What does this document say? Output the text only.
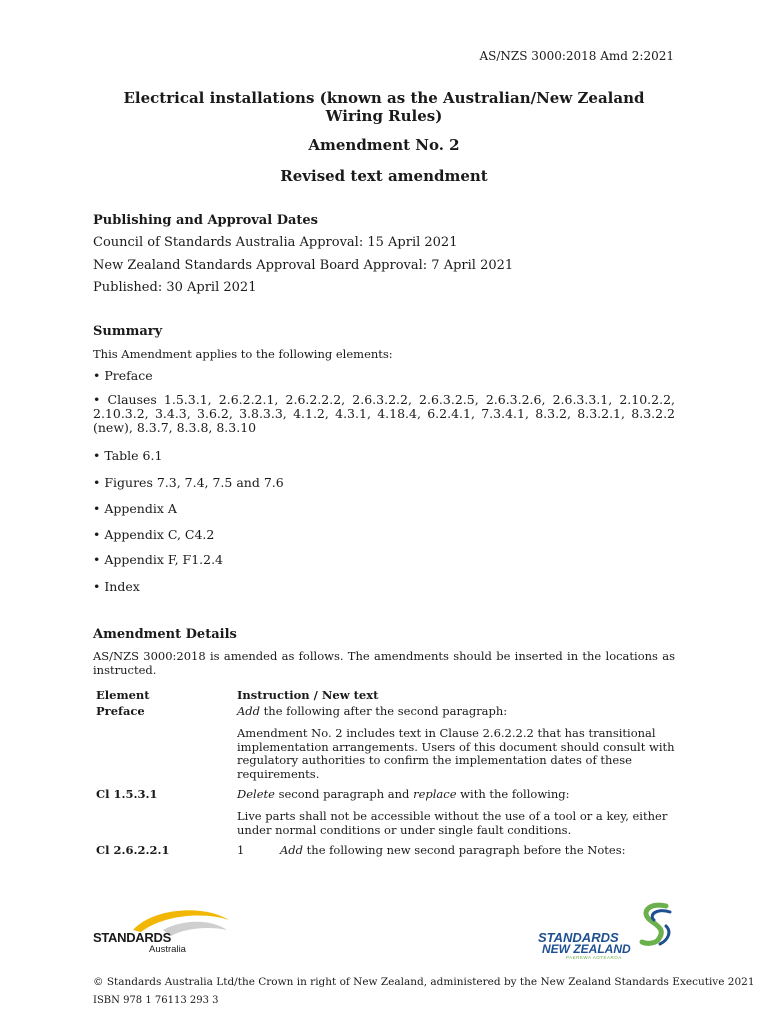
AS/NZS 3000:2018 Amd 2:2021
Electrical installations (known as the Australian/New Zealand
Wiring Rules)
Amendment No. 2
Revised text amendment
Publishing and Approval Dates
Council of Standards Australia Approval: 15 April 2021
New Zealand Standards Approval Board Approval: 7 April 2021
Published: 30 April 2021
Summary
This Amendment applies to the following elements:
• Preface
• Clauses 1.5.3.1, 2.6.2.2.1, 2.6.2.2.2, 2.6.3.2.2, 2.6.3.2.5, 2.6.3.2.6, 2.6.3.3.1, 2.10.2.2, 2.10.3.2, 3.4.3, 3.6.2, 3.8.3.3, 4.1.2, 4.3.1, 4.18.4, 6.2.4.1, 7.3.4.1, 8.3.2, 8.3.2.1, 8.3.2.2 (new), 8.3.7, 8.3.8, 8.3.10
• Table 6.1
• Figures 7.3, 7.4, 7.5 and 7.6
• Appendix A
• Appendix C, C4.2
• Appendix F, F1.2.4
• Index
Amendment Details
AS/NZS 3000:2018 is amended as follows. The amendments should be inserted in the locations as instructed.
Element	Instruction / New text
Preface	Add the following after the second paragraph:
	Amendment No. 2 includes text in Clause 2.6.2.2.2 that has transitional implementation arrangements. Users of this document should consult with regulatory authorities to confirm the implementation dates of these requirements.
Cl 1.5.3.1	Delete second paragraph and replace with the following:
	Live parts shall not be accessible without the use of a tool or a key, either under normal conditions or under single fault conditions.
Cl 2.6.2.2.1	1 Add the following new second paragraph before the Notes:
STANDARDS
Australia
STANDARDS
NEW ZEALAND
PAEREWA AOTEAROA
© Standards Australia Ltd/the Crown in right of New Zealand, administered by the New Zealand Standards Executive 2021
ISBN 978 1 76113 293 3
